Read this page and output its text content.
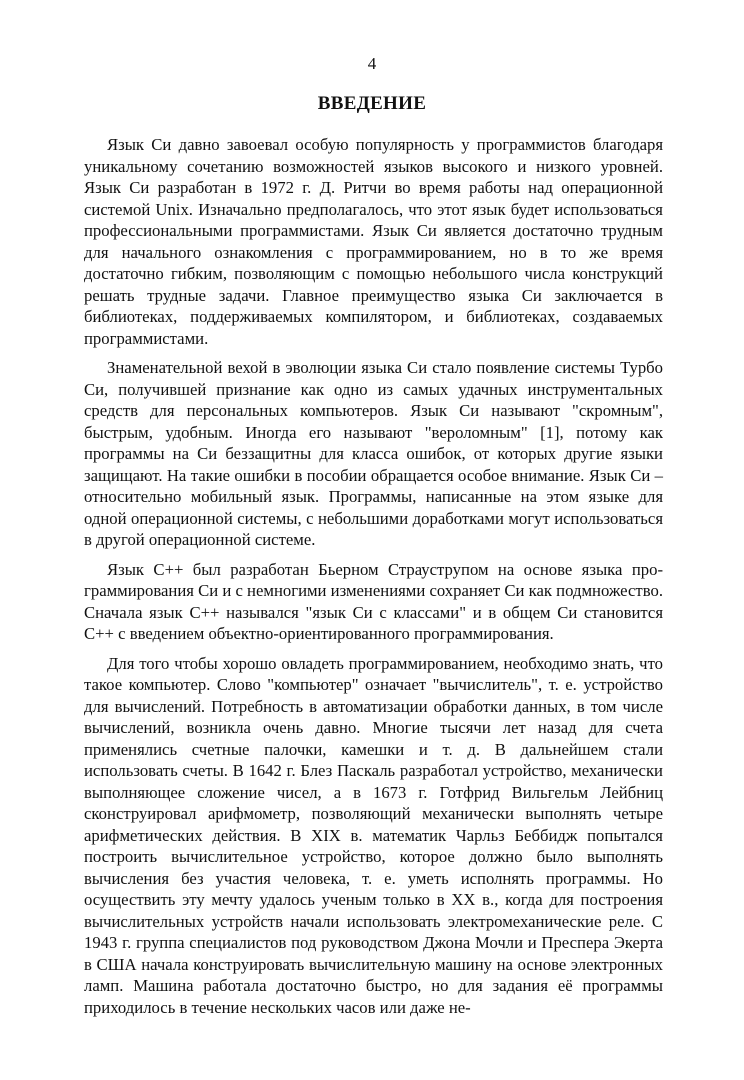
4
ВВЕДЕНИЕ

Язык Си давно завоевал особую популярность у программистов благодаря уникальному сочетанию возможностей языков высокого и низкого уровней. Язык Си разработан в 1972 г. Д. Ритчи во время работы над операционной системой Unix. Изначально предполагалось, что этот язык будет использоваться профессиональными программистами. Язык Си является достаточно трудным для начального ознакомления с программированием, но в то же время достаточно гибким, позволяющим с помощью небольшого числа конструкций решать трудные задачи. Главное преимущество языка Си заключается в библиотеках, поддерживаемых компилятором, и библиотеках, создаваемых программистами.

Знаменательной вехой в эволюции языка Си стало появление системы Турбо Си, получившей признание как одно из самых удачных инструментальных средств для персональных компьютеров. Язык Си называют "скромным", быстрым, удобным. Иногда его называют "вероломным" [1], потому как программы на Си беззащитны для класса ошибок, от которых другие языки защищают. На такие ошибки в пособии обращается особое внимание. Язык Си – относительно мобильный язык. Программы, написанные на этом языке для одной операционной системы, с небольшими доработками могут использоваться в другой операционной системе.

Язык С++ был разработан Бьерном Страуструпом на основе языка программирования Си и с немногими изменениями сохраняет Си как подмножество. Сначала язык С++ назывался "язык Си с классами" и в общем Си становится С++ с введением объектно-ориентированного программирования.

Для того чтобы хорошо овладеть программированием, необходимо знать, что такое компьютер. Слово "компьютер" означает "вычислитель", т. е. устройство для вычислений. Потребность в автоматизации обработки данных, в том числе вычислений, возникла очень давно. Многие тысячи лет назад для счета применялись счетные палочки, камешки и т. д. В дальнейшем стали использовать счеты. В 1642 г. Блез Паскаль разработал устройство, механически выполняющее сложение чисел, а в 1673 г. Готфрид Вильгельм Лейбниц сконструировал арифмометр, позволяющий механически выполнять четыре арифметических действия. В XIX в. математик Чарльз Беббидж попытался построить вычислительное устройство, которое должно было выполнять вычисления без участия человека, т. е. уметь исполнять программы. Но осуществить эту мечту удалось ученым только в XX в., когда для построения вычислительных устройств начали использовать электромеханические реле. С 1943 г. группа специалистов под руководством Джона Мочли и Преспера Экерта в США начала конструировать вычислительную машину на основе электронных ламп. Машина работала достаточно быстро, но для задания её программы приходилось в течение нескольких часов или даже не-
